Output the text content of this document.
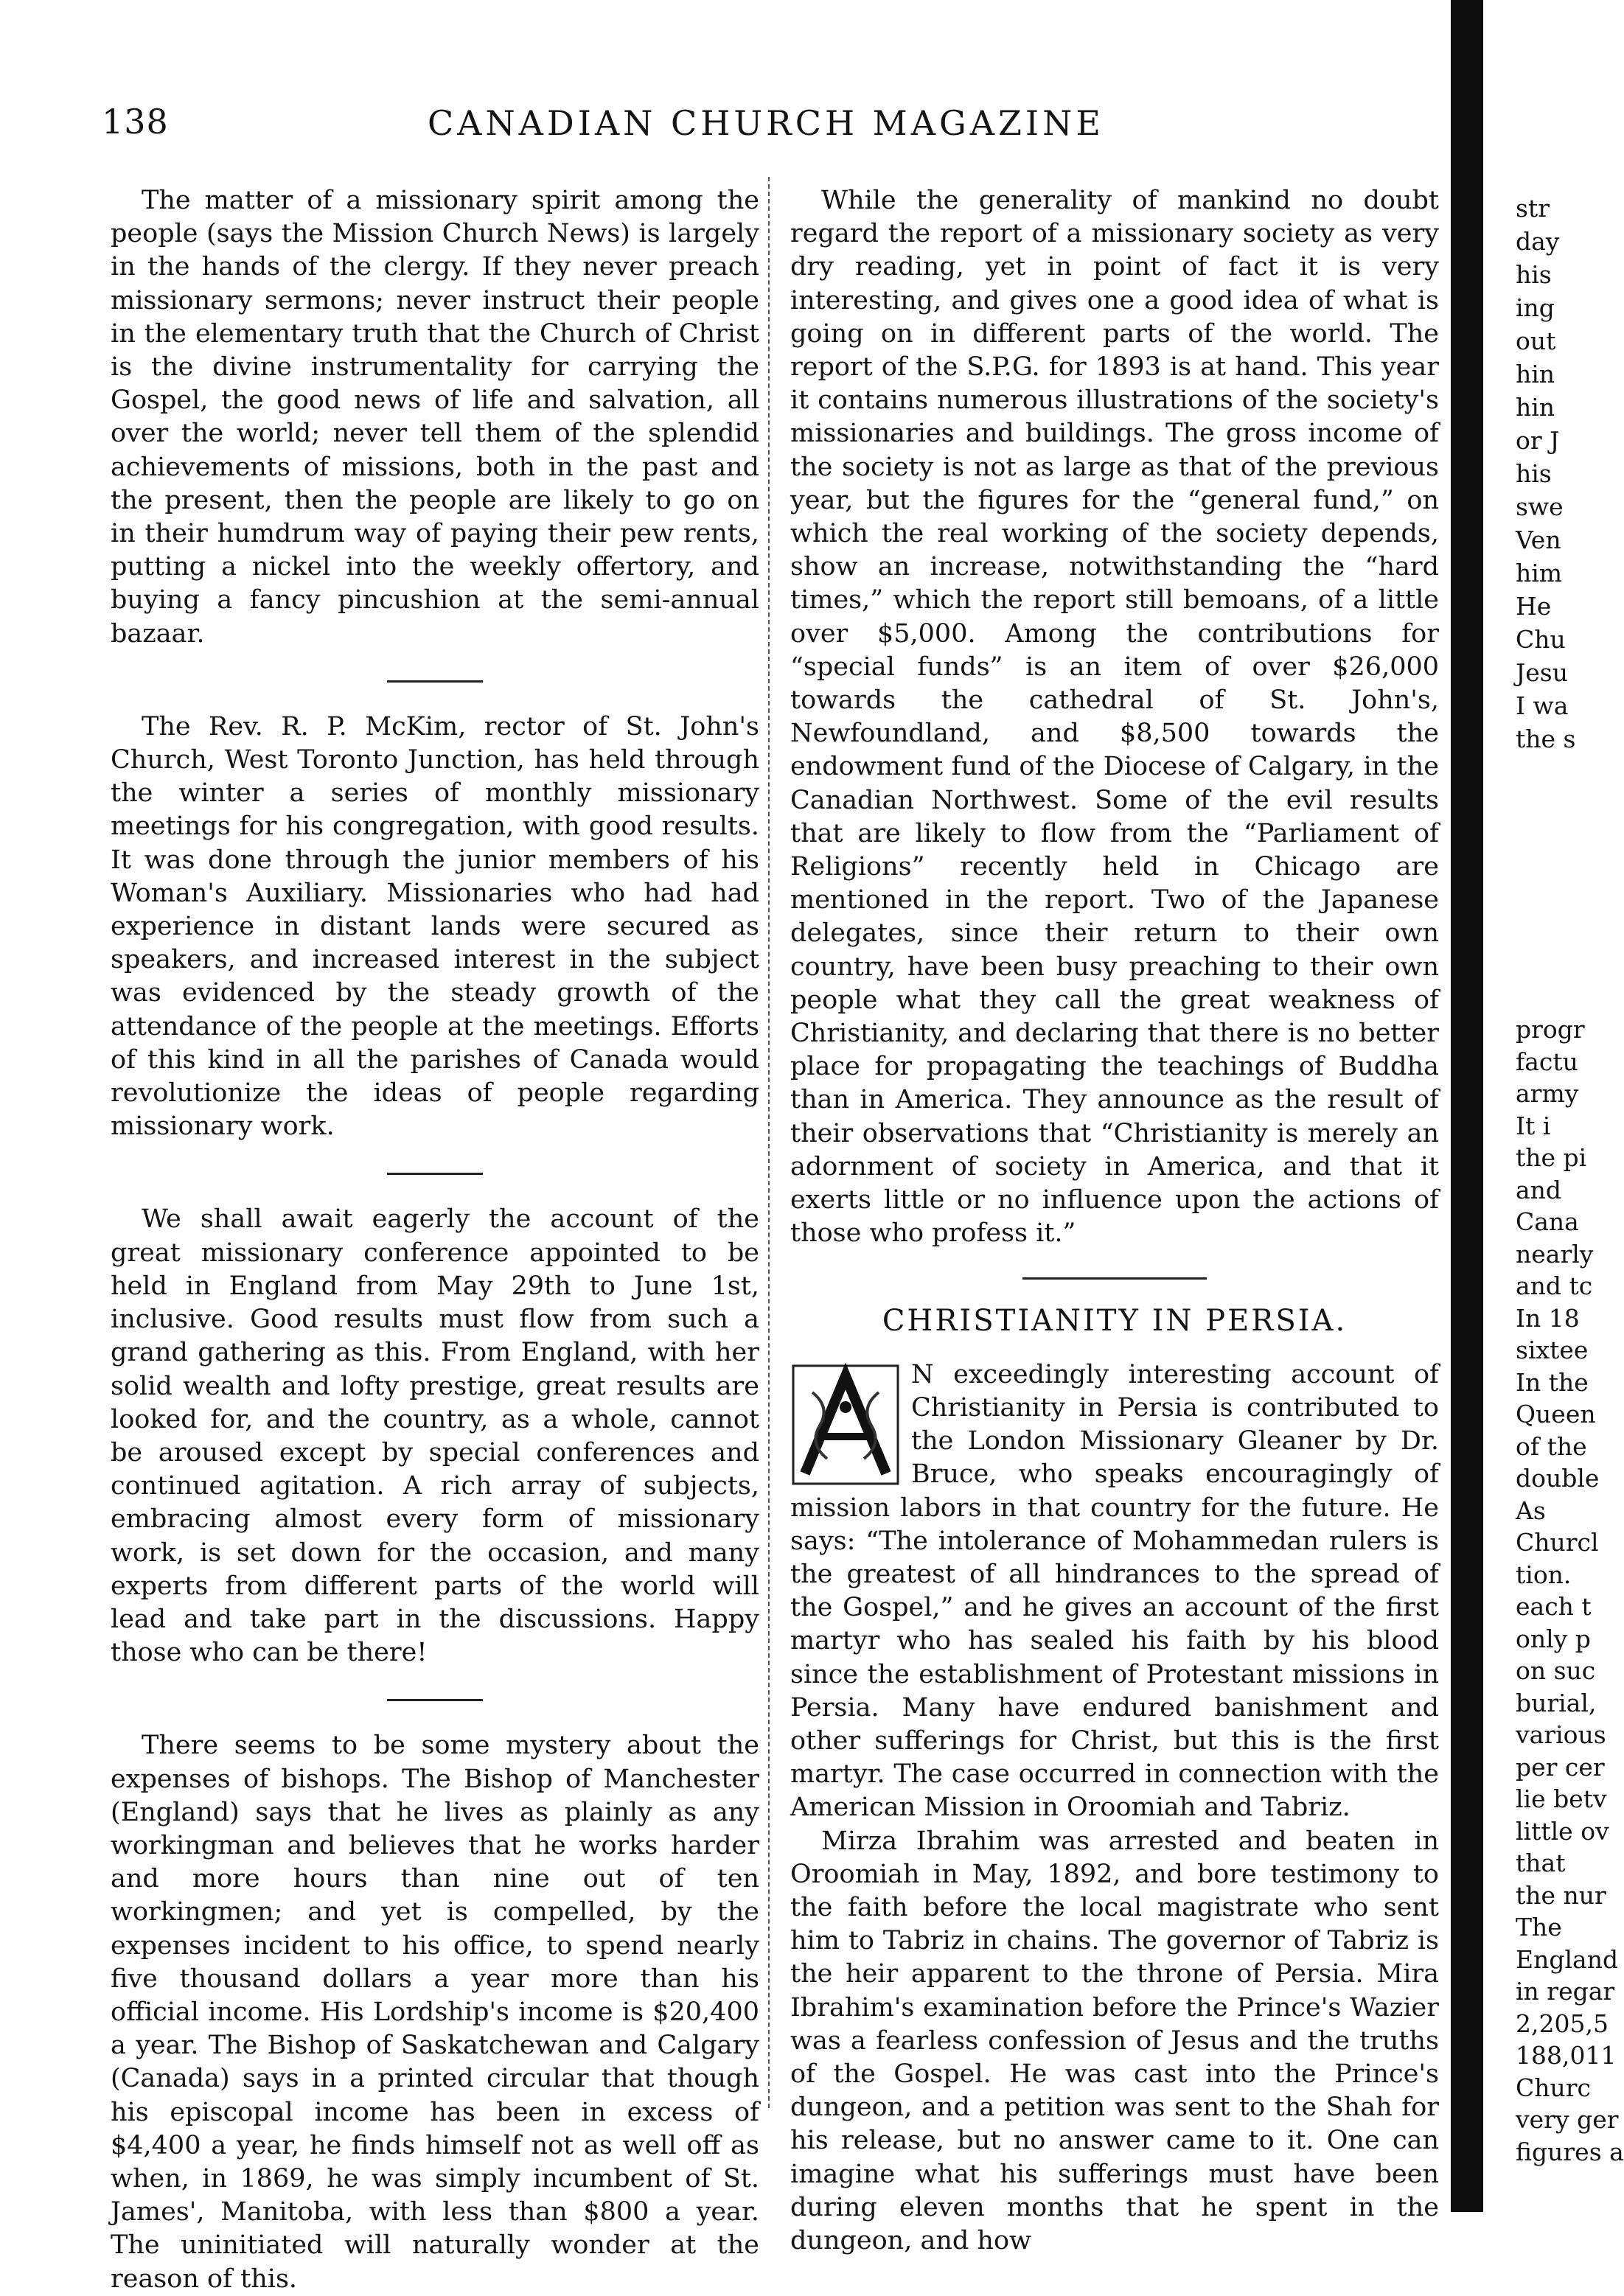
138	CANADIAN CHURCH MAGAZINE

The matter of a missionary spirit among the people (says the Mission Church News) is largely in the hands of the clergy. If they never preach missionary sermons; never instruct their people in the elementary truth that the Church of Christ is the divine instrumentality for carrying the Gospel, the good news of life and salvation, all over the world; never tell them of the splendid achievements of missions, both in the past and the present, then the people are likely to go on in their humdrum way of paying their pew rents, putting a nickel into the weekly offertory, and buying a fancy pincushion at the semi-annual bazaar.

The Rev. R. P. McKim, rector of St. John's Church, West Toronto Junction, has held through the winter a series of monthly missionary meetings for his congregation, with good results. It was done through the junior members of his Woman's Auxiliary. Missionaries who had had experience in distant lands were secured as speakers, and increased interest in the subject was evidenced by the steady growth of the attendance of the people at the meetings. Efforts of this kind in all the parishes of Canada would revolutionize the ideas of people regarding missionary work.

We shall await eagerly the account of the great missionary conference appointed to be held in England from May 29th to June 1st, inclusive. Good results must flow from such a grand gathering as this. From England, with her solid wealth and lofty prestige, great results are looked for, and the country, as a whole, cannot be aroused except by special conferences and continued agitation. A rich array of subjects, embracing almost every form of missionary work, is set down for the occasion, and many experts from different parts of the world will lead and take part in the discussions. Happy those who can be there!

There seems to be some mystery about the expenses of bishops. The Bishop of Manchester (England) says that he lives as plainly as any workingman and believes that he works harder and more hours than nine out of ten workingmen; and yet is compelled, by the expenses incident to his office, to spend nearly five thousand dollars a year more than his official income. His Lordship's income is $20,400 a year. The Bishop of Saskatchewan and Calgary (Canada) says in a printed circular that though his episcopal income has been in excess of $4,400 a year, he finds himself not as well off as when, in 1869, he was simply incumbent of St. James', Manitoba, with less than $800 a year. The uninitiated will naturally wonder at the reason of this.

While the generality of mankind no doubt regard the report of a missionary society as very dry reading, yet in point of fact it is very interesting, and gives one a good idea of what is going on in different parts of the world. The report of the S.P.G. for 1893 is at hand. This year it contains numerous illustrations of the society's missionaries and buildings. The gross income of the society is not as large as that of the previous year, but the figures for the “general fund,” on which the real working of the society depends, show an increase, notwithstanding the “hard times,” which the report still bemoans, of a little over $5,000. Among the contributions for “special funds” is an item of over $26,000 towards the cathedral of St. John's, Newfoundland, and $8,500 towards the endowment fund of the Diocese of Calgary, in the Canadian Northwest. Some of the evil results that are likely to flow from the “Parliament of Religions” recently held in Chicago are mentioned in the report. Two of the Japanese delegates, since their return to their own country, have been busy preaching to their own people what they call the great weakness of Christianity, and declaring that there is no better place for propagating the teachings of Buddha than in America. They announce as the result of their observations that “Christianity is merely an adornment of society in America, and that it exerts little or no influence upon the actions of those who profess it.”

CHRISTIANITY IN PERSIA.

N exceedingly interesting account of Christianity in Persia is contributed to the London Missionary Gleaner by Dr. Bruce, who speaks encouragingly of mission labors in that country for the future. He says: “The intolerance of Mohammedan rulers is the greatest of all hindrances to the spread of the Gospel,” and he gives an account of the first martyr who has sealed his faith by his blood since the establishment of Protestant missions in Persia. Many have endured banishment and other sufferings for Christ, but this is the first martyr. The case occurred in connection with the American Mission in Oroomiah and Tabriz.

Mirza Ibrahim was arrested and beaten in Oroomiah in May, 1892, and bore testimony to the faith before the local magistrate who sent him to Tabriz in chains. The governor of Tabriz is the heir apparent to the throne of Persia. Mira Ibrahim's examination before the Prince's Wazier was a fearless confession of Jesus and the truths of the Gospel. He was cast into the Prince's dungeon, and a petition was sent to the Shah for his release, but no answer came to it. One can imagine what his sufferings must have been during eleven months that he spent in the dungeon, and how

str
day
his
ing
out
hin
hin
or J
his
swe
Ven
him
He
Chu
Jesu
I wa
the s
progr
factu
army
It i
the pi
and
Cana
nearly
and tc
In 18
sixtee
In the
Queen
of the
double
As
Churcl
tion.
each t
only p
on suc
burial,
various
per cer
lie betv
little ov
that
the nur
The
England
in regar
2,205,5
188,011
Churc
very ger
figures a
